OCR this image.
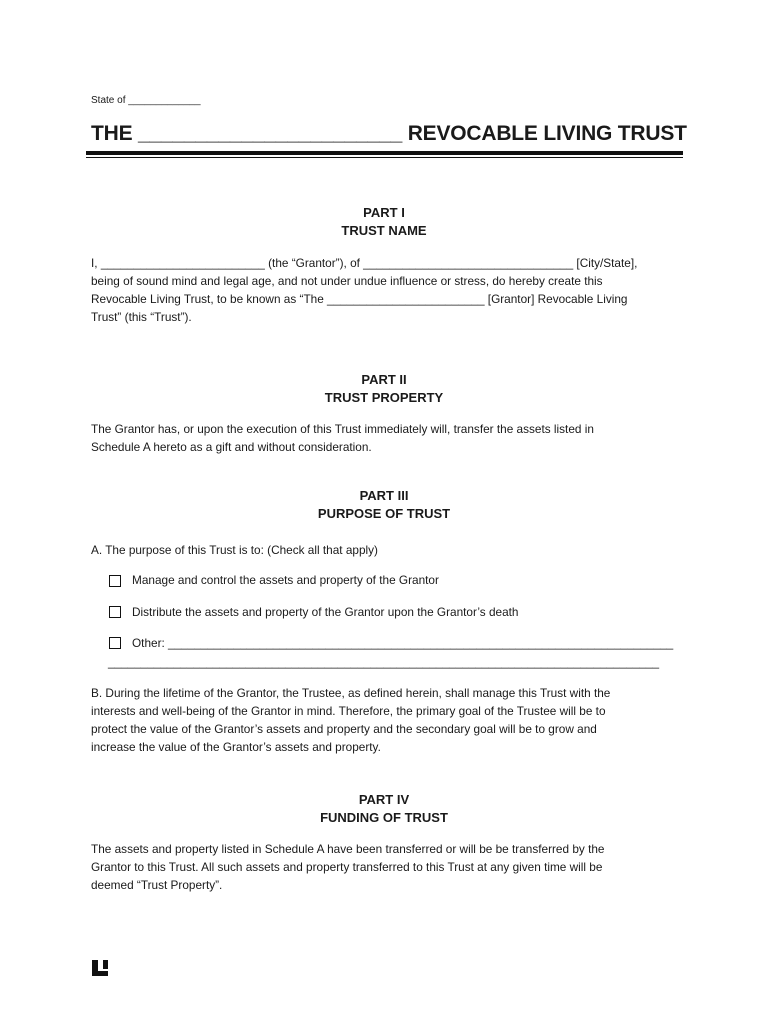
State of _____________
THE _______________________ REVOCABLE LIVING TRUST
PART I
TRUST NAME
I, _________________________ (the “Grantor”), of ________________________________ [City/State],
being of sound mind and legal age, and not under undue influence or stress, do hereby create this
Revocable Living Trust, to be known as “The ________________________ [Grantor] Revocable Living
Trust” (this “Trust”).
PART II
TRUST PROPERTY
The Grantor has, or upon the execution of this Trust immediately will, transfer the assets listed in
Schedule A hereto as a gift and without consideration.
PART III
PURPOSE OF TRUST
A. The purpose of this Trust is to: (Check all that apply)
Manage and control the assets and property of the Grantor
Distribute the assets and property of the Grantor upon the Grantor’s death
Other: _____________________________________________________________________________
____________________________________________________________________________________
B. During the lifetime of the Grantor, the Trustee, as defined herein, shall manage this Trust with the
interests and well-being of the Grantor in mind. Therefore, the primary goal of the Trustee will be to
protect the value of the Grantor’s assets and property and the secondary goal will be to grow and
increase the value of the Grantor’s assets and property.
PART IV
FUNDING OF TRUST
The assets and property listed in Schedule A have been transferred or will be be transferred by the
Grantor to this Trust. All such assets and property transferred to this Trust at any given time will be
deemed “Trust Property”.
